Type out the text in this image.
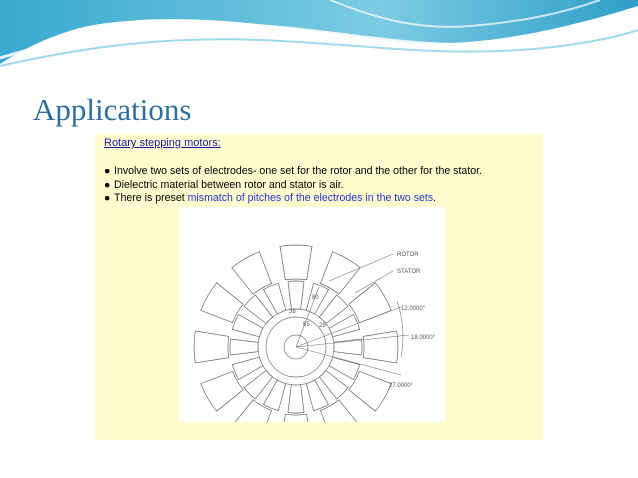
Applications
Rotary stepping motors:
● Involve two sets of electrodes- one set for the rotor and the other for the stator.
● Dielectric material between rotor and stator is air.
● There is preset mismatch of pitches of the electrodes in the two sets.
ROTOR
STATOR
12.0000°
18.0000°
27.0000°
80
38
65 25
